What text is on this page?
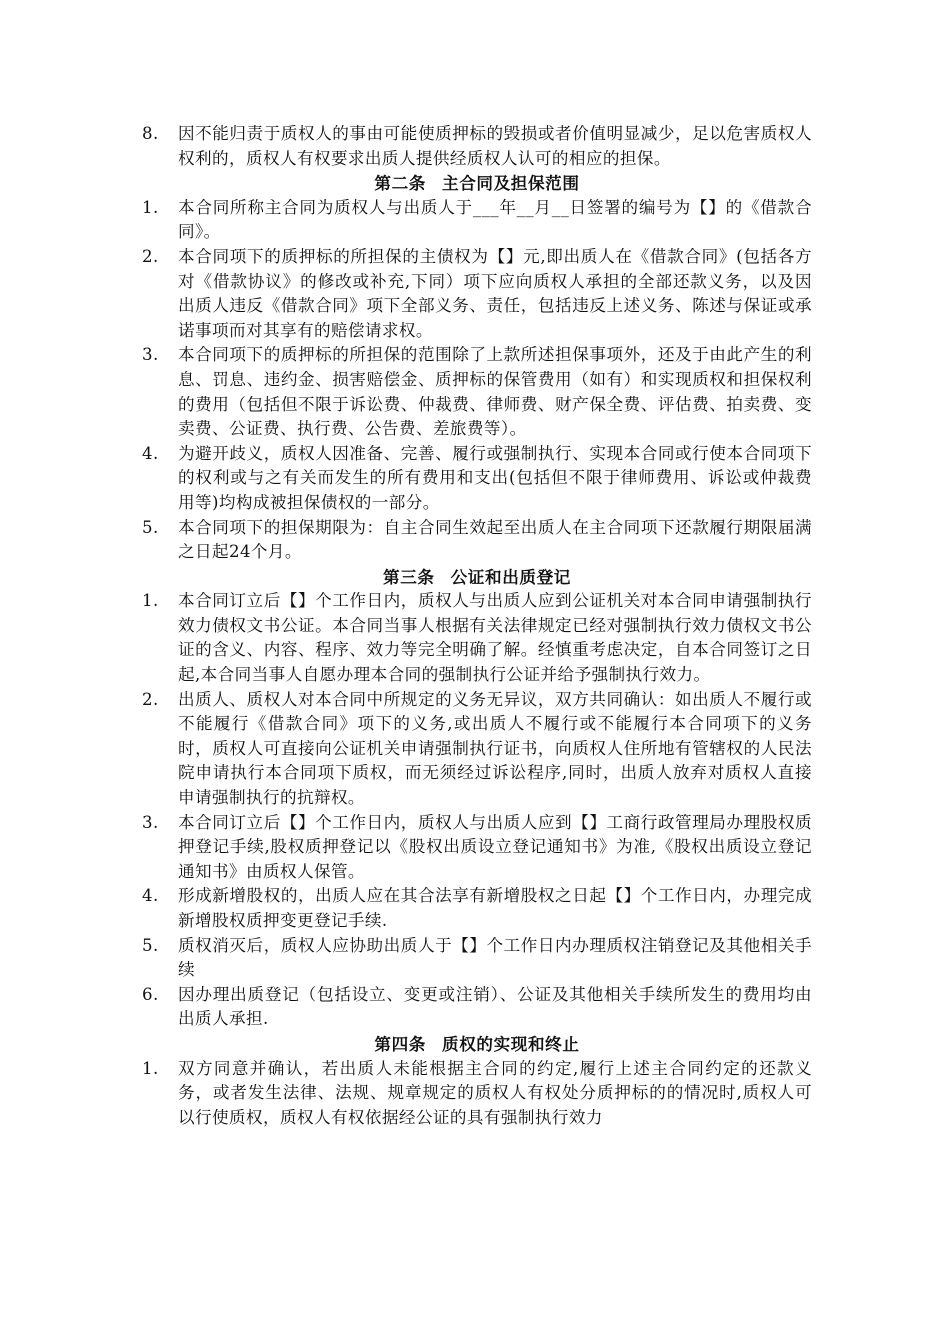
8. 因不能归责于质权人的事由可能使质押标的毁损或者价值明显减少，足以危害质权人权利的，质权人有权要求出质人提供经质权人认可的相应的担保。
第二条 主合同及担保范围
1. 本合同所称主合同为质权人与出质人于___年__月__日签署的编号为【】的《借款合同》。
2. 本合同项下的质押标的所担保的主债权为【】元,即出质人在《借款合同》(包括各方对《借款协议》的修改或补充,下同）项下应向质权人承担的全部还款义务，以及因出质人违反《借款合同》项下全部义务、责任，包括违反上述义务、陈述与保证或承诺事项而对其享有的赔偿请求权。
3. 本合同项下的质押标的所担保的范围除了上款所述担保事项外，还及于由此产生的利息、罚息、违约金、损害赔偿金、质押标的保管费用（如有）和实现质权和担保权利的费用（包括但不限于诉讼费、仲裁费、律师费、财产保全费、评估费、拍卖费、变卖费、公证费、执行费、公告费、差旅费等）。
4. 为避开歧义，质权人因准备、完善、履行或强制执行、实现本合同或行使本合同项下的权利或与之有关而发生的所有费用和支出(包括但不限于律师费用、诉讼或仲裁费用等)均构成被担保债权的一部分。
5. 本合同项下的担保期限为：自主合同生效起至出质人在主合同项下还款履行期限届满之日起24个月。
第三条 公证和出质登记
1. 本合同订立后【】个工作日内，质权人与出质人应到公证机关对本合同申请强制执行效力债权文书公证。本合同当事人根据有关法律规定已经对强制执行效力债权文书公证的含义、内容、程序、效力等完全明确了解。经慎重考虑决定，自本合同签订之日起,本合同当事人自愿办理本合同的强制执行公证并给予强制执行效力。
2. 出质人、质权人对本合同中所规定的义务无异议，双方共同确认：如出质人不履行或不能履行《借款合同》项下的义务,或出质人不履行或不能履行本合同项下的义务时，质权人可直接向公证机关申请强制执行证书，向质权人住所地有管辖权的人民法院申请执行本合同项下质权，而无须经过诉讼程序,同时，出质人放弃对质权人直接申请强制执行的抗辩权。
3. 本合同订立后【】个工作日内，质权人与出质人应到【】工商行政管理局办理股权质押登记手续,股权质押登记以《股权出质设立登记通知书》为准,《股权出质设立登记通知书》由质权人保管。
4. 形成新增股权的，出质人应在其合法享有新增股权之日起【】个工作日内，办理完成新增股权质押变更登记手续.
5. 质权消灭后，质权人应协助出质人于【】个工作日内办理质权注销登记及其他相关手续
6. 因办理出质登记（包括设立、变更或注销）、公证及其他相关手续所发生的费用均由出质人承担.
第四条 质权的实现和终止
1. 双方同意并确认，若出质人未能根据主合同的约定,履行上述主合同约定的还款义务，或者发生法律、法规、规章规定的质权人有权处分质押标的的情况时,质权人可以行使质权，质权人有权依据经公证的具有强制执行效力
